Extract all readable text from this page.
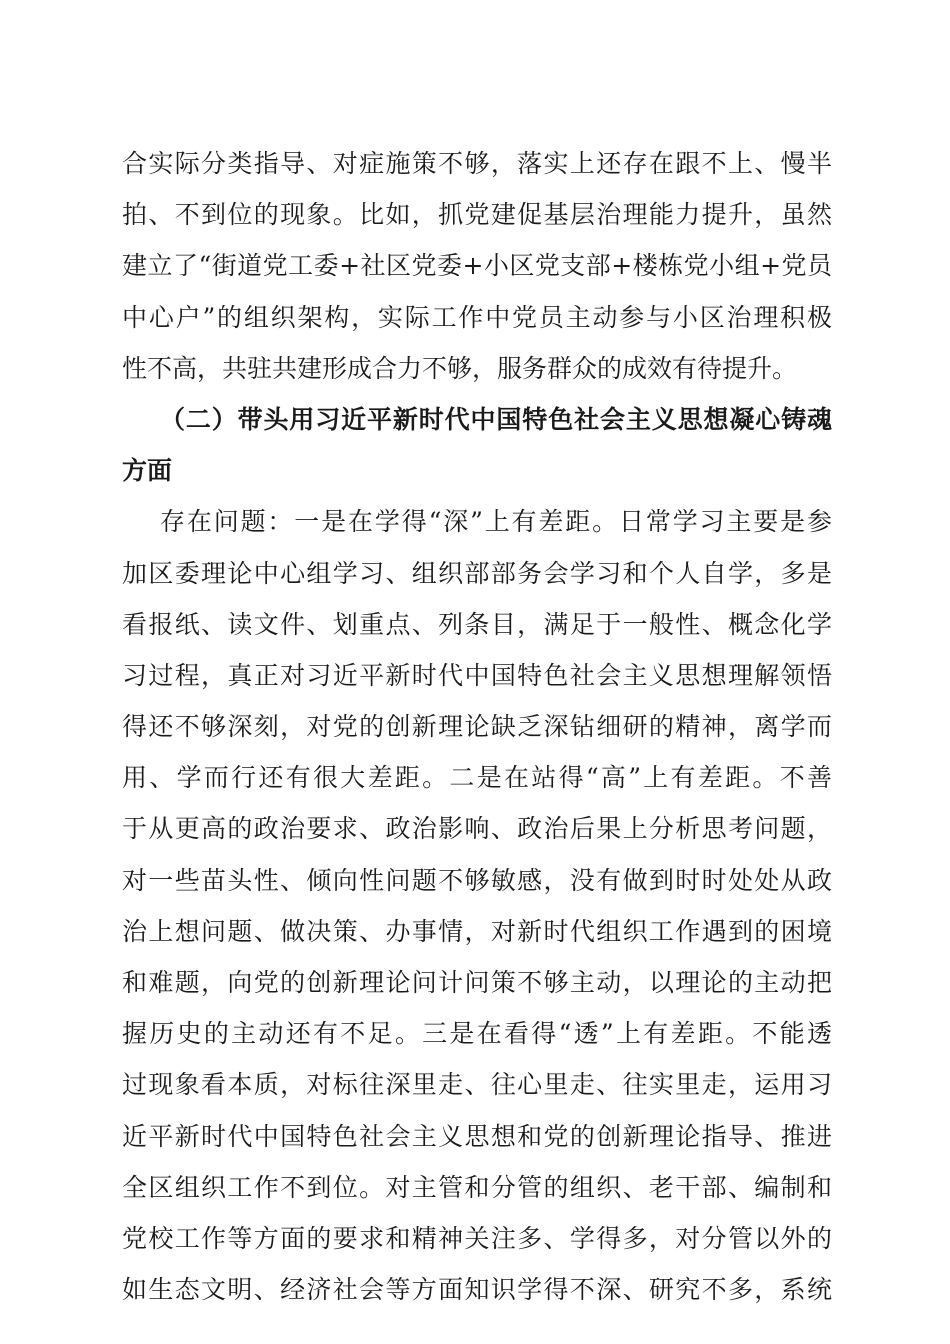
合实际分类指导、对症施策不够，落实上还存在跟不上、慢半
拍、不到位的现象。比如，抓党建促基层治理能力提升，虽然
建立了“街道党工委+社区党委+小区党支部+楼栋党小组+党员
中心户”的组织架构，实际工作中党员主动参与小区治理积极
性不高，共驻共建形成合力不够，服务群众的成效有待提升。
（二）带头用习近平新时代中国特色社会主义思想凝心铸魂
方面
存在问题：一是在学得“深”上有差距。日常学习主要是参
加区委理论中心组学习、组织部部务会学习和个人自学，多是
看报纸、读文件、划重点、列条目，满足于一般性、概念化学
习过程，真正对习近平新时代中国特色社会主义思想理解领悟
得还不够深刻，对党的创新理论缺乏深钻细研的精神，离学而
用、学而行还有很大差距。二是在站得“高”上有差距。不善
于从更高的政治要求、政治影响、政治后果上分析思考问题，
对一些苗头性、倾向性问题不够敏感，没有做到时时处处从政
治上想问题、做决策、办事情，对新时代组织工作遇到的困境
和难题，向党的创新理论问计问策不够主动，以理论的主动把
握历史的主动还有不足。三是在看得“透”上有差距。不能透
过现象看本质，对标往深里走、往心里走、往实里走，运用习
近平新时代中国特色社会主义思想和党的创新理论指导、推进
全区组织工作不到位。对主管和分管的组织、老干部、编制和
党校工作等方面的要求和精神关注多、学得多，对分管以外的
如生态文明、经济社会等方面知识学得不深、研究不多，系统
